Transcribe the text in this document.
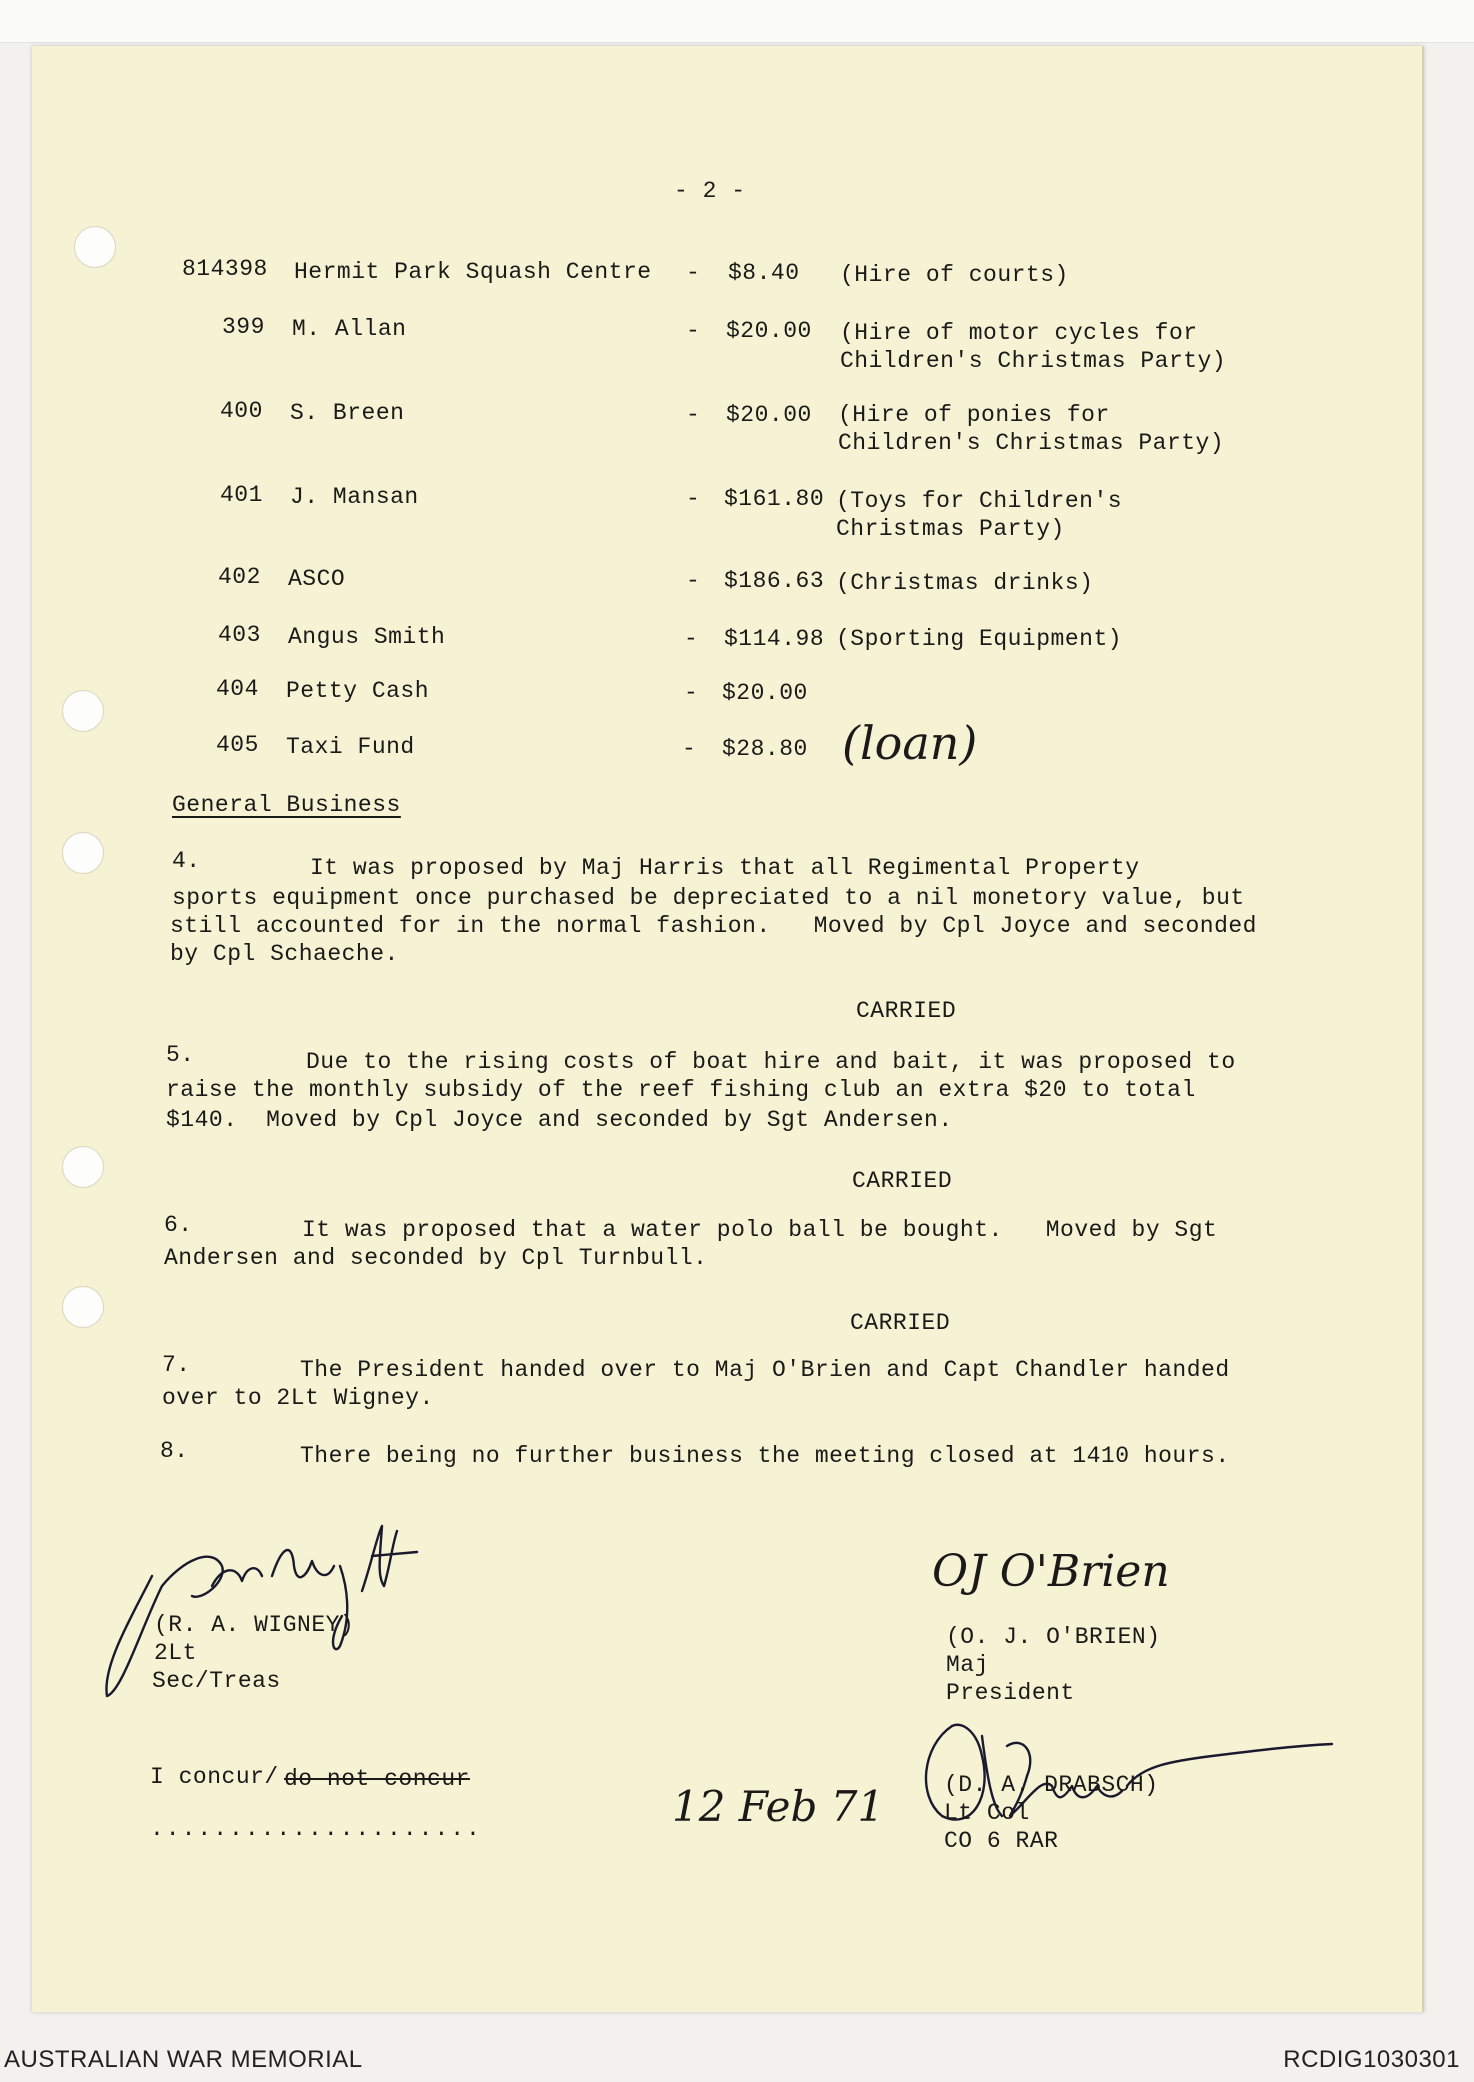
- 2 -
814398 Hermit Park Squash Centre - $8.40 (Hire of courts)
399 M. Allan	- $20.00 (Hire of motor cycles for
Children's Christmas Party)
400 S. Breen	- $20.00 (Hire of ponies for
Children's Christmas Party)
401 J. Mansan	- $161.80 (Toys for Children's
Christmas Party)
402 ASCO	- $186.63 (Christmas drinks)
403 Angus Smith	- $114.98 (Sporting Equipment)
404 Petty Cash	- $20.00
405 Taxi Fund	- $28.80 (loan)
General Business
4.	It was proposed by Maj Harris that all Regimental Property
sports equipment once purchased be depreciated to a nil monetory value, but
still accounted for in the normal fashion.   Moved by Cpl Joyce and seconded
by Cpl Schaeche.
CARRIED
5.	Due to the rising costs of boat hire and bait, it was proposed to
raise the monthly subsidy of the reef fishing club an extra $20 to total
$140.  Moved by Cpl Joyce and seconded by Sgt Andersen.
CARRIED
6.	It was proposed that a water polo ball be bought.   Moved by Sgt
Andersen and seconded by Cpl Turnbull.
CARRIED
7.	The President handed over to Maj O'Brien and Capt Chandler handed
over to 2Lt Wigney.
8.	There being no further business the meeting closed at 1410 hours.
(R. A. WIGNEY)
2Lt
Sec/Treas
OJ O'Brien
(O. J. O'BRIEN)
Maj
President
(D. A. DRABSCH)
Lt Col
CO 6 RAR
I concur/ do not concur
.....................	12 Feb 71
AUSTRALIAN WAR MEMORIAL	RCDIG1030301
